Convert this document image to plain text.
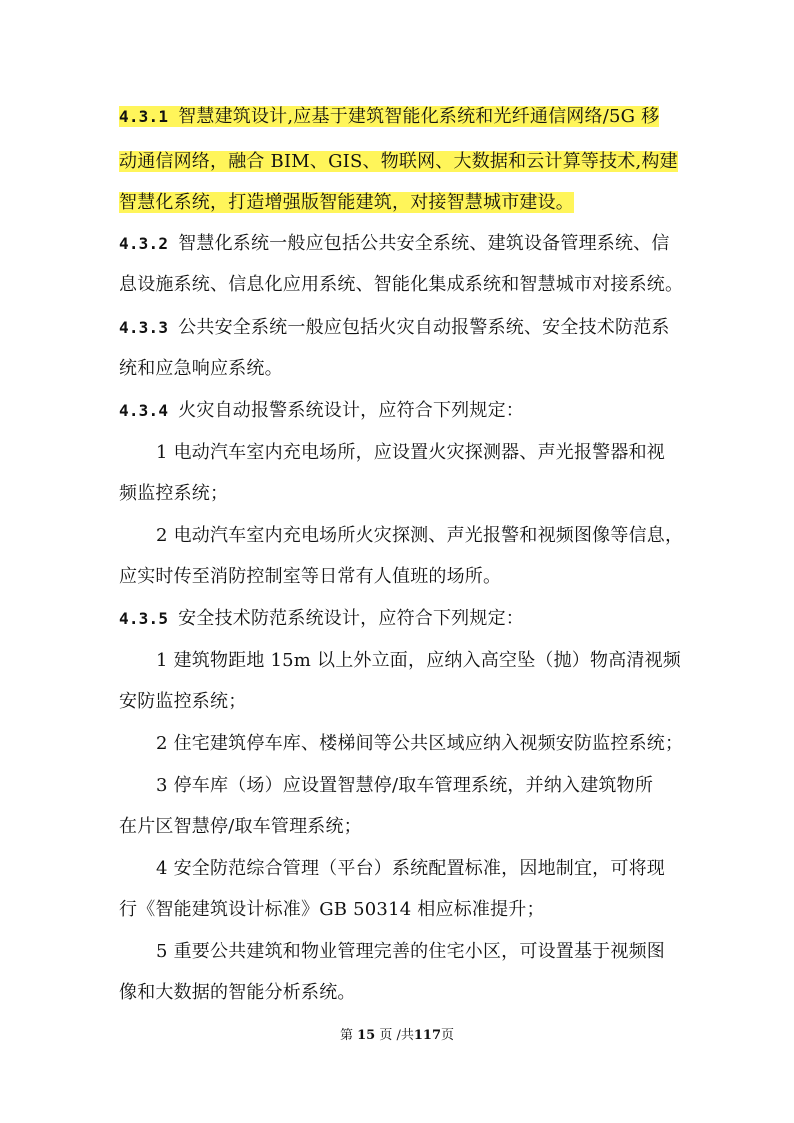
4.3.1 智慧建筑设计,应基于建筑智能化系统和光纤通信网络/5G 移
动通信网络，融合 BIM、GIS、物联网、大数据和云计算等技术,构建
智慧化系统，打造增强版智能建筑，对接智慧城市建设。
4.3.2 智慧化系统一般应包括公共安全系统、建筑设备管理系统、信
息设施系统、信息化应用系统、智能化集成系统和智慧城市对接系统。
4.3.3 公共安全系统一般应包括火灾自动报警系统、安全技术防范系
统和应急响应系统。
4.3.4 火灾自动报警系统设计，应符合下列规定：
1 电动汽车室内充电场所，应设置火灾探测器、声光报警器和视
频监控系统；
2 电动汽车室内充电场所火灾探测、声光报警和视频图像等信息，
应实时传至消防控制室等日常有人值班的场所。
4.3.5 安全技术防范系统设计，应符合下列规定：
1 建筑物距地 15m 以上外立面，应纳入高空坠（抛）物高清视频
安防监控系统；
2 住宅建筑停车库、楼梯间等公共区域应纳入视频安防监控系统；
3 停车库（场）应设置智慧停/取车管理系统，并纳入建筑物所
在片区智慧停/取车管理系统；
4 安全防范综合管理（平台）系统配置标准，因地制宜，可将现
行《智能建筑设计标准》GB 50314 相应标准提升；
5 重要公共建筑和物业管理完善的住宅小区，可设置基于视频图
像和大数据的智能分析系统。
第 15 页 /共117页
